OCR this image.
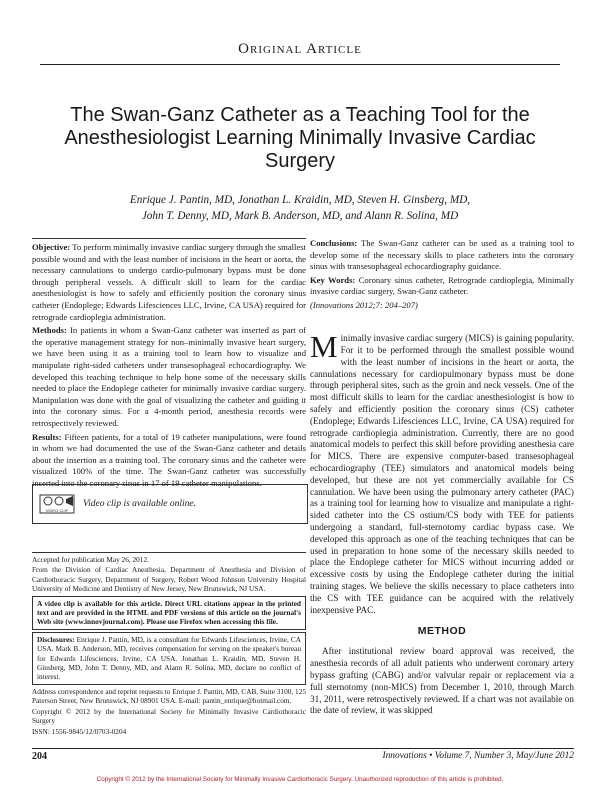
Original Article
The Swan-Ganz Catheter as a Teaching Tool for the Anesthesiologist Learning Minimally Invasive Cardiac Surgery
Enrique J. Pantin, MD, Jonathan L. Kraidin, MD, Steven H. Ginsberg, MD,
John T. Denny, MD, Mark B. Anderson, MD, and Alann R. Solina, MD

Objective: To perform minimally invasive cardiac surgery through the smallest possible wound and with the least number of incisions in the heart or aorta, the necessary cannulations to undergo cardio-pulmonary bypass must be done through peripheral vessels. A difficult skill to learn for the cardiac anesthesiologist is how to safely and efficiently position the coronary sinus catheter (Endoplege; Edwards Lifesciences LLC, Irvine, CA USA) required for retrograde cardioplegia administration.

Methods: In patients in whom a Swan-Ganz catheter was inserted as part of the operative management strategy for non–minimally invasive heart surgery, we have been using it as a training tool to learn how to visualize and manipulate right-sided catheters under transesophageal echocardiography. We developed this teaching technique to help hone some of the necessary skills needed to place the Endoplege catheter for minimally invasive cardiac surgery. Manipulation was done with the goal of visualizing the catheter and guiding it into the coronary sinus. For a 4-month period, anesthesia records were retrospectively reviewed.

Results: Fifteen patients, for a total of 19 catheter manipulations, were found in whom we had documented the use of the Swan-Ganz catheter and details about the insertion as a training tool. The coronary sinus and the catheter were visualized 100% of the time. The Swan-Ganz catheter was successfully inserted into the coronary sinus in 17 of 19 catheter manipulations.

VIDEO CLIP
Video clip is available online.

Accepted for publication May 26, 2012.

From the Division of Cardiac Anesthesia, Department of Anesthesia and Division of Cardiothoracic Surgery, Department of Surgery, Robert Wood Johnson University Hospital University of Medicine and Dentistry of New Jersey, New Brunswick, NJ USA.

A video clip is available for this article. Direct URL citations appear in the printed text and are provided in the HTML and PDF versions of this article on the journal's Web site (www.innovjournal.com). Please use Firefox when accessing this file.
Disclosures: Enrique J. Pantin, MD, is a consultant for Edwards Lifesciences, Irvine, CA USA. Mark B. Anderson, MD, receives compensation for serving on the speaker's bureau for Edwards Lifesciences, Irvine, CA USA. Jonathan L. Kraidin, MD, Steven H. Ginsberg, MD, John T. Denny, MD, and Alann R. Solina, MD, declare no conflict of interest.

Address correspondence and reprint requests to Enrique J. Pantin, MD, CAB, Suite 3100, 125 Paterson Street, New Brunswick, NJ 08901 USA. E-mail: pantin_enrique@hotmail.com.

Copyright © 2012 by the International Society for Minimally Invasive Cardiothoracic Surgery

ISSN: 1556-9845/12/0703-0204

Conclusions: The Swan-Ganz catheter can be used as a training tool to develop some of the necessary skills to place catheters into the coronary sinus with transesophageal echocardiography guidance.

Key Words: Coronary sinus catheter, Retrograde cardioplegia, Minimally invasive cardiac surgery, Swan-Ganz catheter.

(Innovations 2012;7: 204–207)

Minimally invasive cardiac surgery (MICS) is gaining popularity. For it to be performed through the smallest possible wound with the least number of incisions in the heart or aorta, the cannulations necessary for cardiopulmonary bypass must be done through peripheral sites, such as the groin and neck vessels. One of the most difficult skills to learn for the cardiac anesthesiologist is how to safely and efficiently position the coronary sinus (CS) catheter (Endoplege; Edwards Lifesciences LLC, Irvine, CA USA) required for retrograde cardioplegia administration. Currently, there are no good anatomical models to perfect this skill before providing anesthesia care for MICS. There are expensive computer-based transesophageal echocardiography (TEE) simulators and anatomical models being developed, but these are not yet commercially available for CS cannulation. We have been using the pulmonary artery catheter (PAC) as a training tool for learning how to visualize and manipulate a right-sided catheter into the CS ostium/CS body with TEE for patients undergoing a standard, full-sternotomy cardiac bypass case. We developed this approach as one of the teaching techniques that can be used in preparation to hone some of the necessary skills needed to place the Endoplege catheter for MICS without incurring added or excessive costs by using the Endoplege catheter during the initial training stages. We believe the skills necessary to place catheters into the CS with TEE guidance can be acquired with the relatively inexpensive PAC.

METHOD

After institutional review board approval was received, the anesthesia records of all adult patients who underwent coronary artery bypass grafting (CABG) and/or valvular repair or replacement via a full sternotomy (non-MICS) from December 1, 2010, through March 31, 2011, were retrospectively reviewed. If a chart was not available on the date of review, it was skipped

204	Innovations • Volume 7, Number 3, May/June 2012
Copyright © 2012 by the International Society for Minimally Invasive Cardiothoracic Surgery. Unauthorized reproduction of this article is prohibited.
